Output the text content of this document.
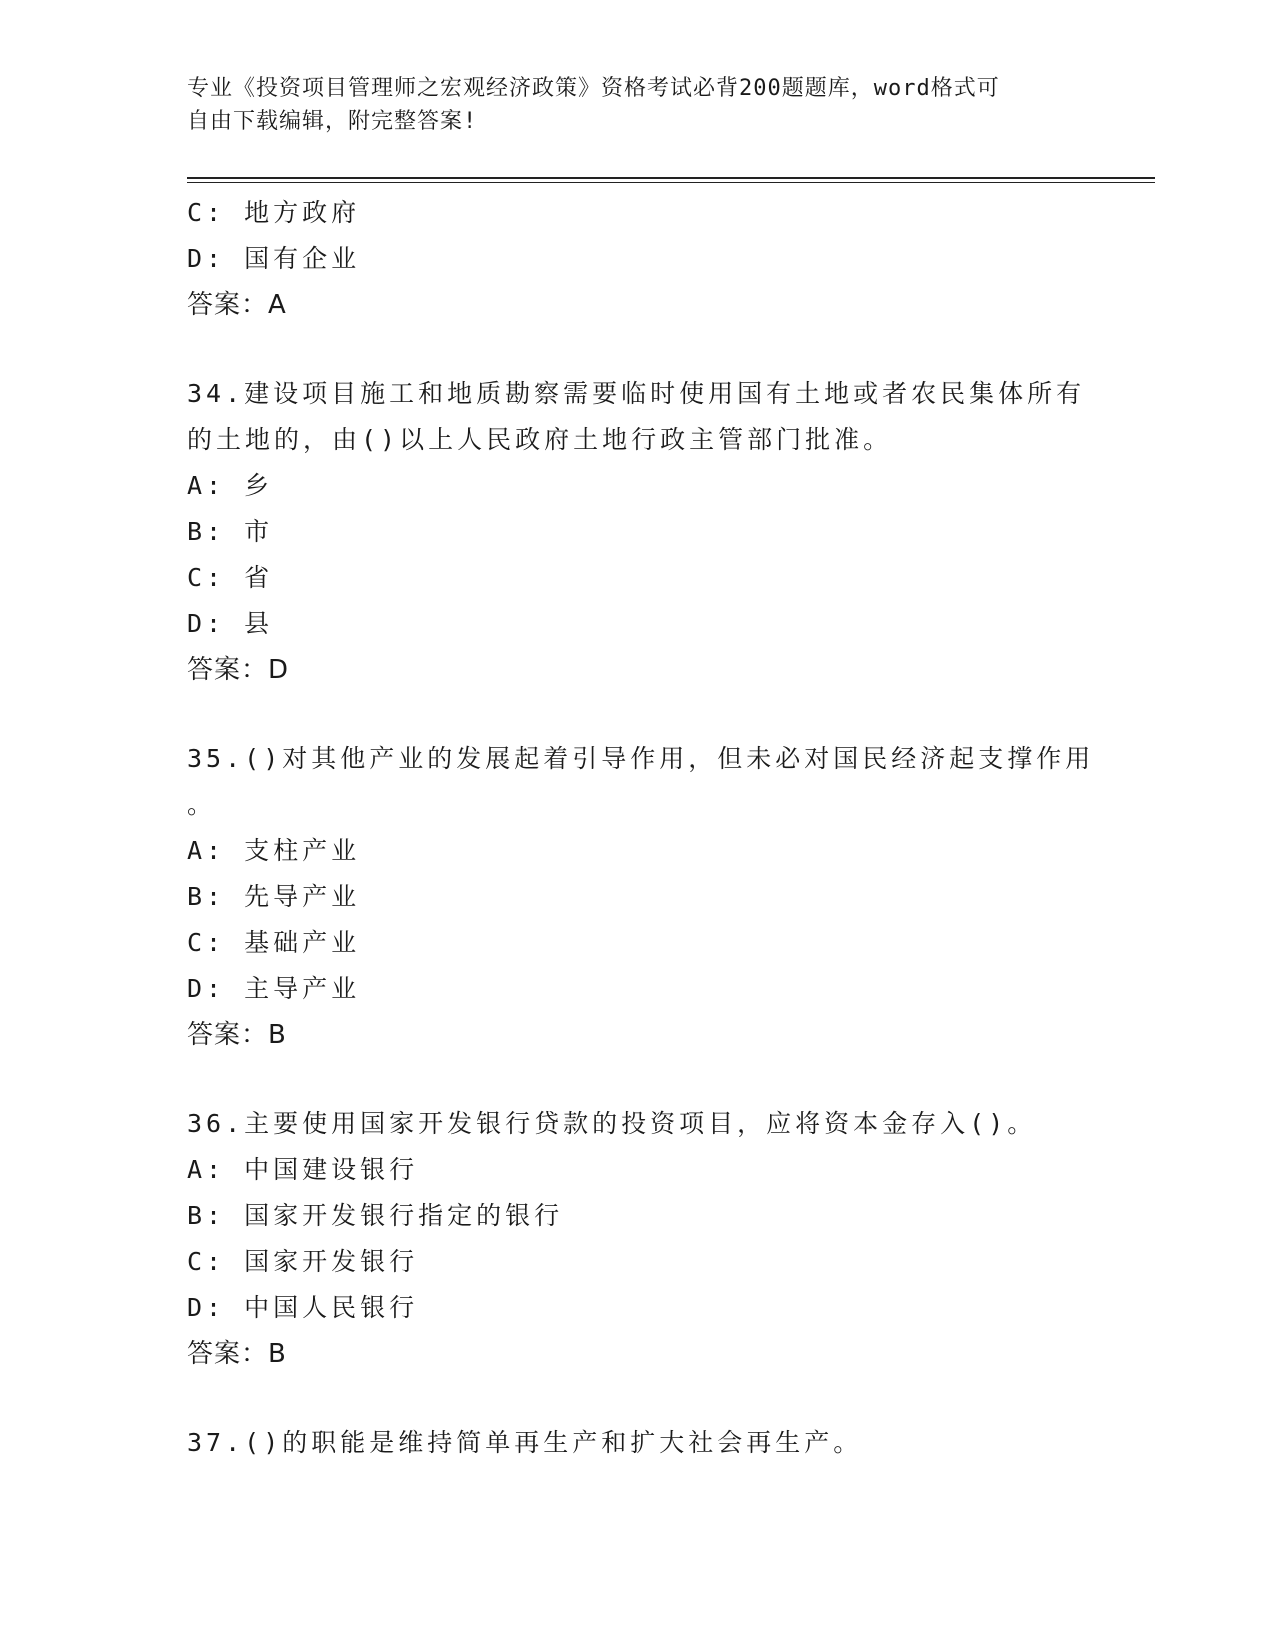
专业《投资项目管理师之宏观经济政策》资格考试必背200题题库，word格式可
自由下载编辑，附完整答案!
C: 地方政府
D: 国有企业
答案：A
34.建设项目施工和地质勘察需要临时使用国有土地或者农民集体所有
的土地的，由()以上人民政府土地行政主管部门批准。
A: 乡
B: 市
C: 省
D: 县
答案：D
35.()对其他产业的发展起着引导作用，但未必对国民经济起支撑作用
。
A: 支柱产业
B: 先导产业
C: 基础产业
D: 主导产业
答案：B
36.主要使用国家开发银行贷款的投资项目，应将资本金存入()。
A: 中国建设银行
B: 国家开发银行指定的银行
C: 国家开发银行
D: 中国人民银行
答案：B
37.()的职能是维持简单再生产和扩大社会再生产。
